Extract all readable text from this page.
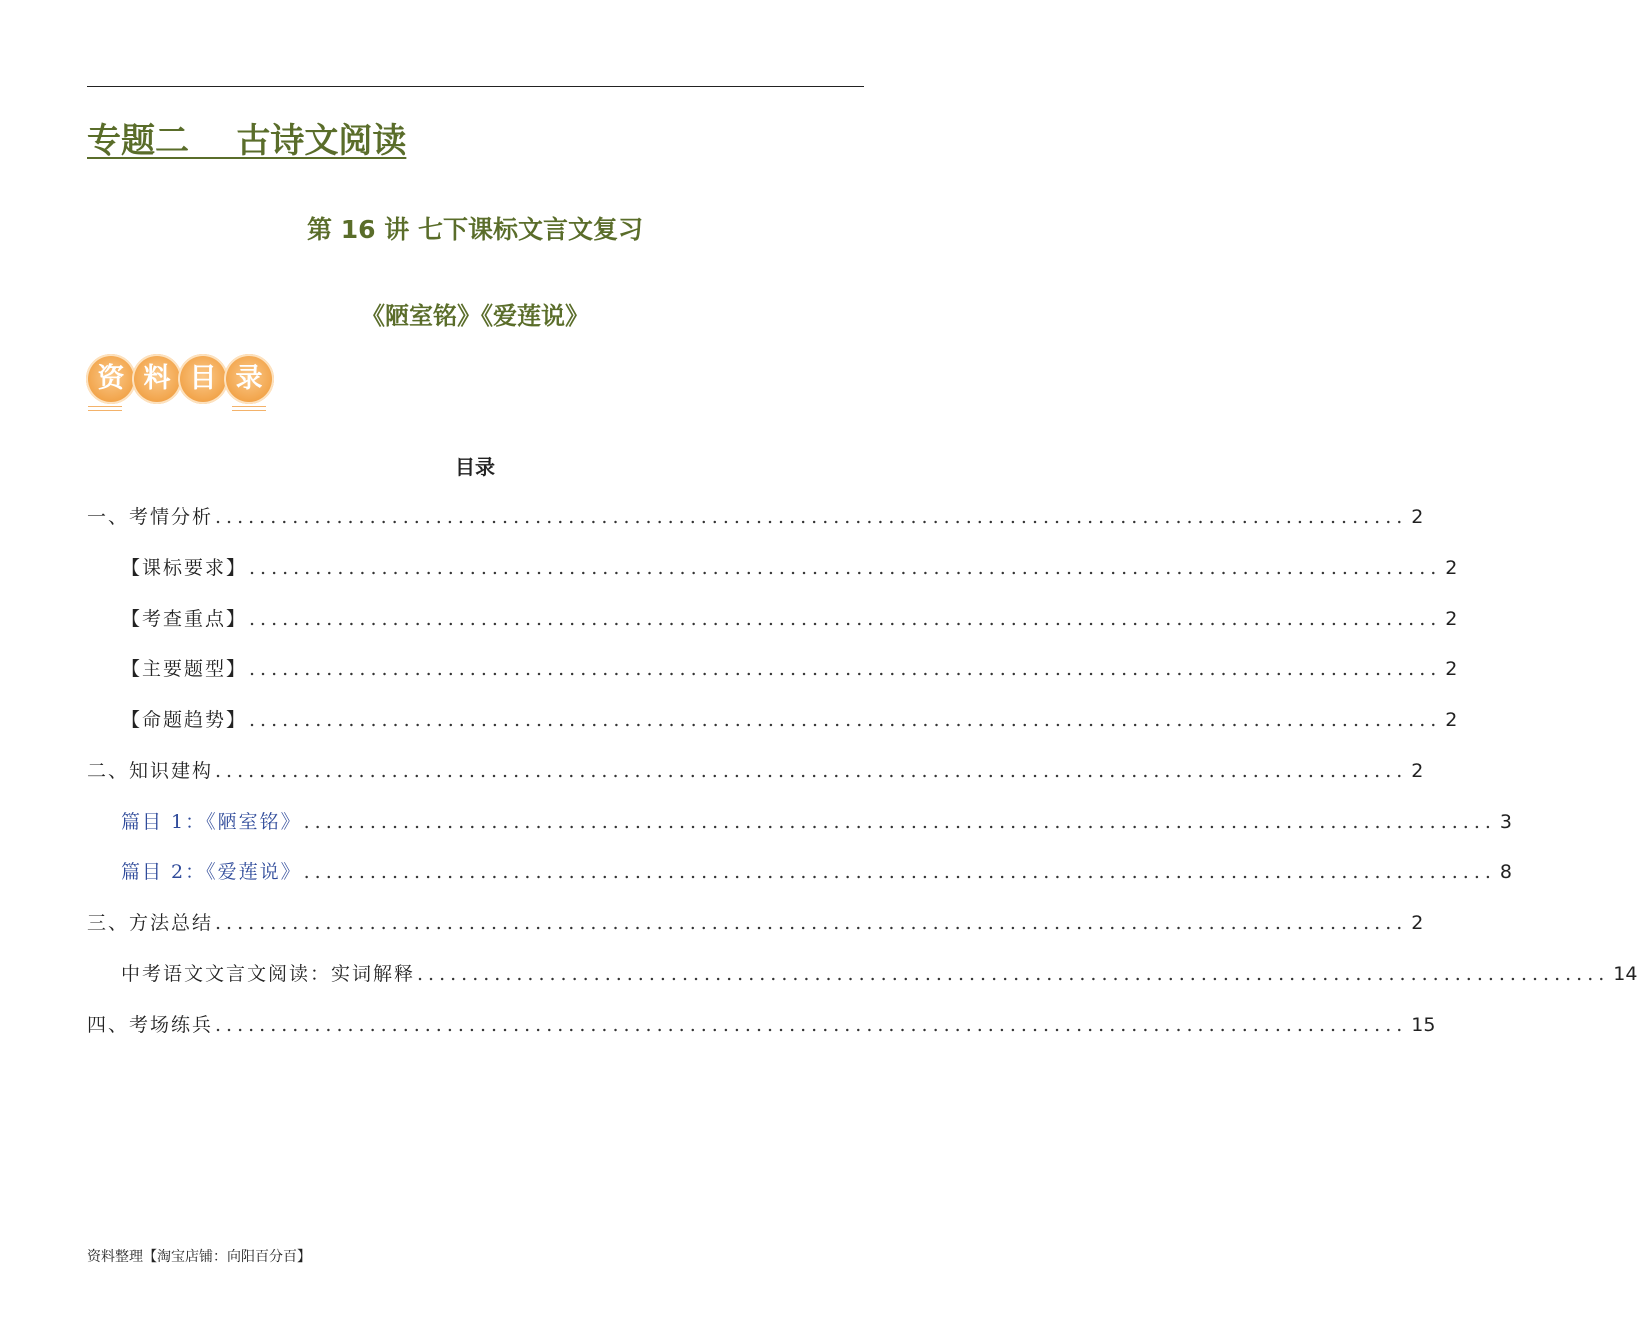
专题二    古诗文阅读
第 16 讲 七下课标文言文复习
《陋室铭》《爱莲说》
资 料 目 录
目录
一、考情分析 ............................................................................................................ 2
【课标要求】 ............................................................................................................ 2
【考查重点】 ............................................................................................................ 2
【主要题型】 ............................................................................................................ 2
【命题趋势】 ............................................................................................................ 2
二、知识建构 ............................................................................................................ 2
篇目 1：《陋室铭》 ............................................................................................................ 3
篇目 2：《爱莲说》 ............................................................................................................ 8
三、方法总结 ............................................................................................................ 2
中考语文文言文阅读：实词解释 ............................................................................................................ 14
四、考场练兵 ............................................................................................................ 15

资料整理【淘宝店铺：向阳百分百】
